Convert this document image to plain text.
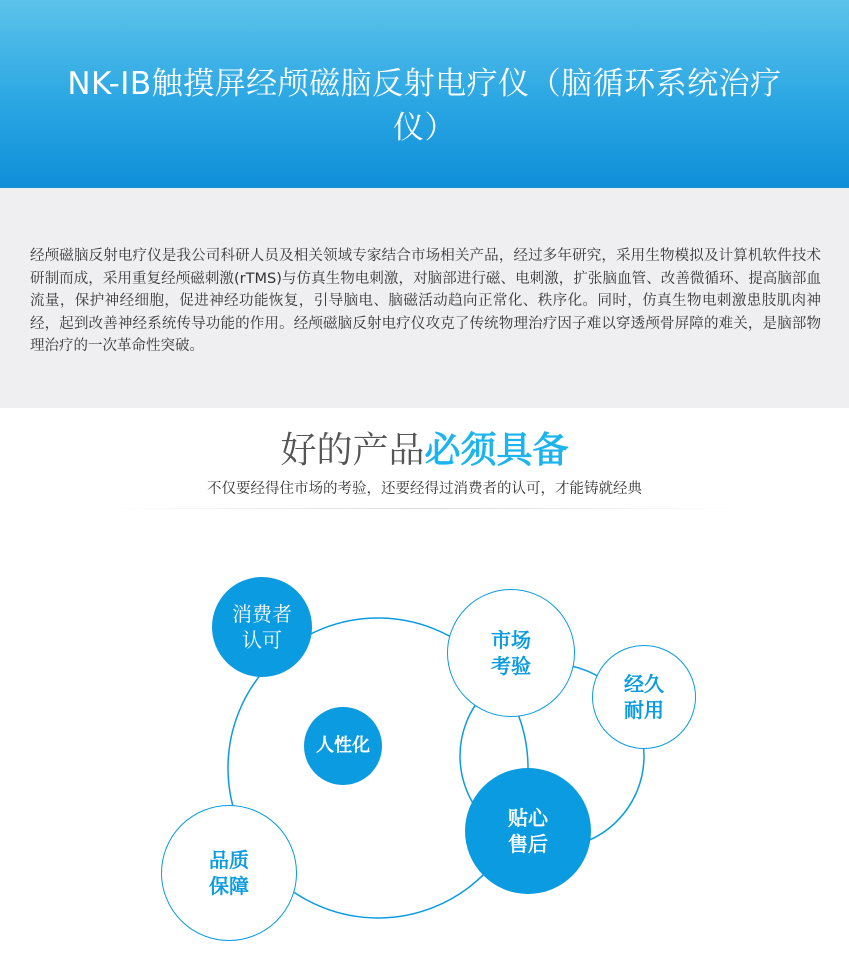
NK-IB触摸屏经颅磁脑反射电疗仪（脑循环系统治疗仪）
经颅磁脑反射电疗仪是我公司科研人员及相关领域专家结合市场相关产品，经过多年研究，采用生物模拟及计算机软件技术研制而成，采用重复经颅磁刺激(rTMS)与仿真生物电刺激，对脑部进行磁、电刺激，扩张脑血管、改善微循环、提高脑部血流量，保护神经细胞，促进神经功能恢复，引导脑电、脑磁活动趋向正常化、秩序化。同时，仿真生物电刺激患肢肌肉神经，起到改善神经系统传导功能的作用。经颅磁脑反射电疗仪攻克了传统物理治疗因子难以穿透颅骨屏障的难关，是脑部物理治疗的一次革命性突破。
好的产品必须具备
不仅要经得住市场的考验，还要经得过消费者的认可，才能铸就经典
消费者
认可	市场
考验
经久
耐用
人性化
贴心
售后
品质
保障
